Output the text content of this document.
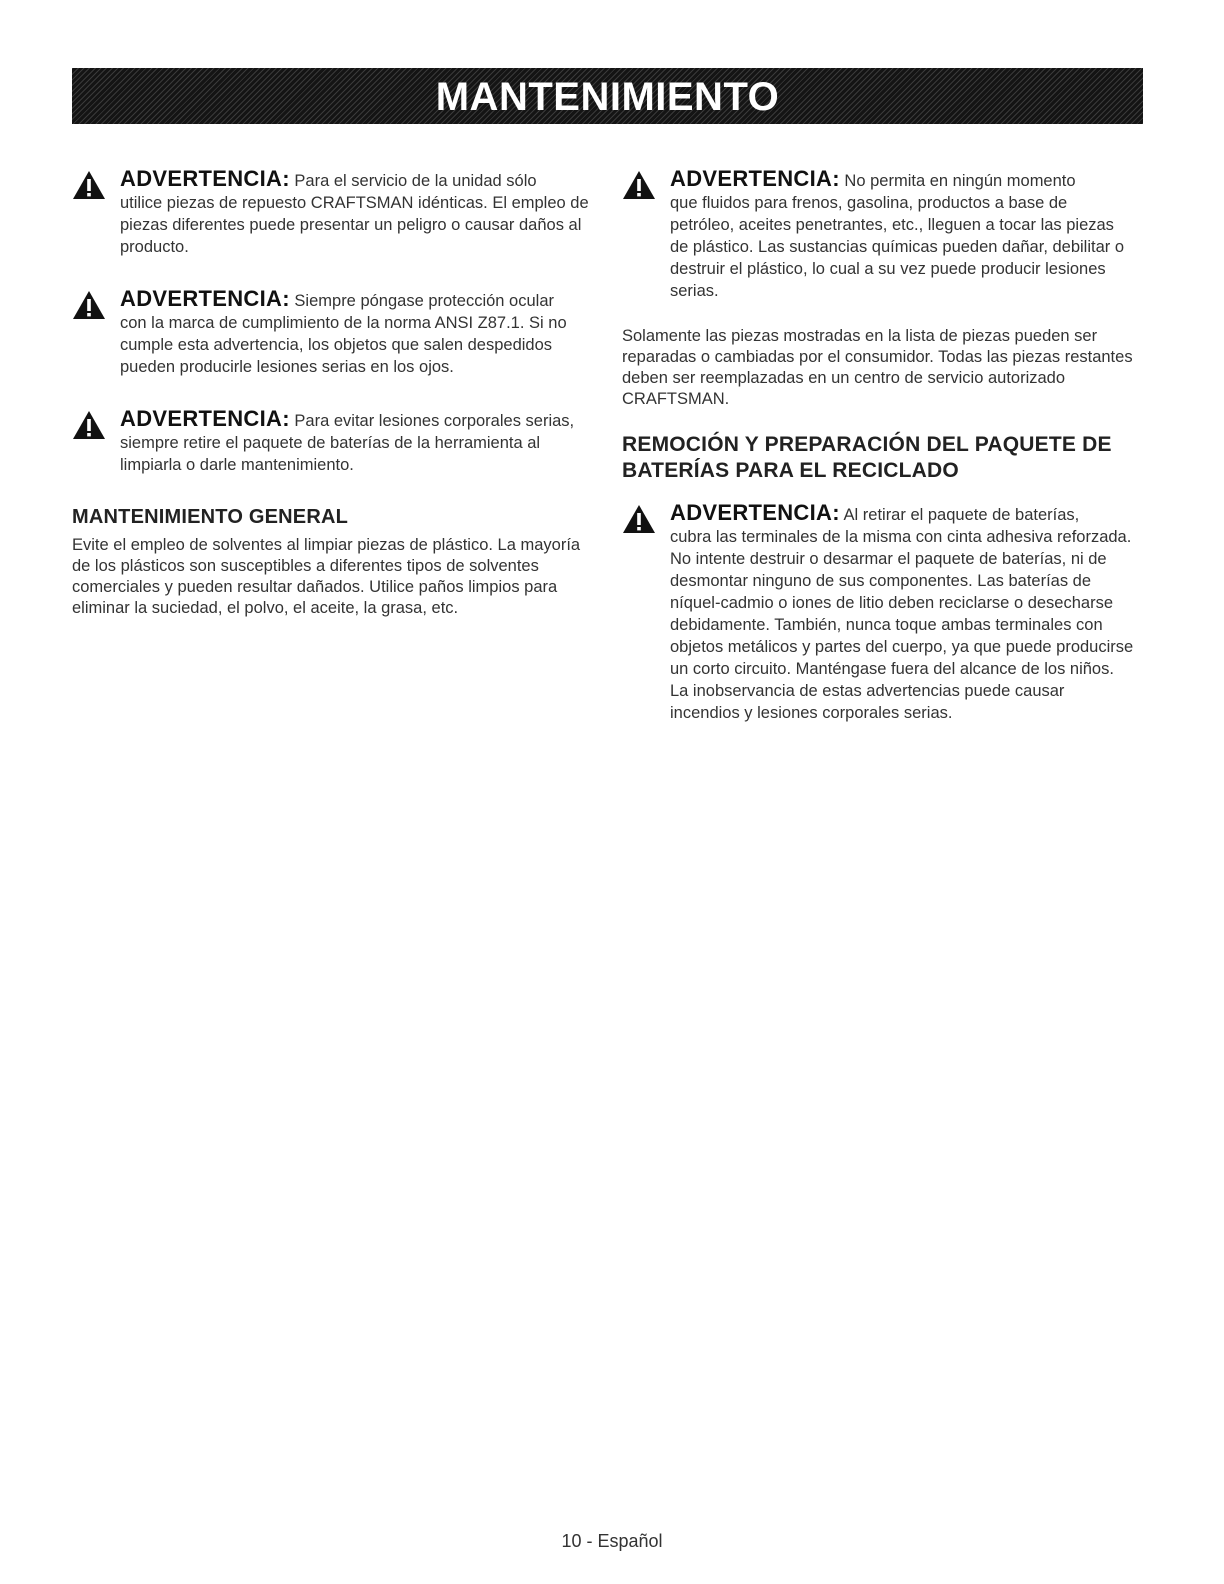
MANTENIMIENTO
ADVERTENCIA: Para el servicio de la unidad sólo

utilice piezas de repuesto CRAFTSMAN idénticas. El empleo de piezas diferentes puede presentar un peligro o causar daños al producto.

ADVERTENCIA: Siempre póngase protección ocular

con la marca de cumplimiento de la norma ANSI Z87.1. Si no cumple esta advertencia, los objetos que salen despedidos pueden producirle lesiones serias en los ojos.

ADVERTENCIA: Para evitar lesiones corporales serias,

siempre retire el paquete de baterías de la herramienta al limpiarla o darle mantenimiento.

MANTENIMIENTO GENERAL

Evite el empleo de solventes al limpiar piezas de plástico. La mayoría de los plásticos son susceptibles a diferentes tipos de solventes comerciales y pueden resultar dañados. Utilice paños limpios para eliminar la suciedad, el polvo, el aceite, la grasa, etc.

ADVERTENCIA: No permita en ningún momento

que fluidos para frenos, gasolina, productos a base de petróleo, aceites penetrantes, etc., lleguen a tocar las piezas de plástico. Las sustancias químicas pueden dañar, debilitar o destruir el plástico, lo cual a su vez puede producir lesiones serias.

Solamente las piezas mostradas en la lista de piezas pueden ser reparadas o cambiadas por el consumidor. Todas las piezas restantes deben ser reemplazadas en un centro de servicio autorizado CRAFTSMAN.

REMOCIÓN Y PREPARACIÓN DEL PAQUETE DE BATERÍAS PARA EL RECICLADO
ADVERTENCIA: Al retirar el paquete de baterías,

cubra las terminales de la misma con cinta adhesiva reforzada. No intente destruir o desarmar el paquete de baterías, ni de desmontar ninguno de sus componentes. Las baterías de níquel-cadmio o iones de litio deben reciclarse o desecharse debidamente. También, nunca toque ambas terminales con objetos metálicos y partes del cuerpo, ya que puede producirse un corto circuito. Manténgase fuera del alcance de los niños. La inobservancia de estas advertencias puede causar incendios y lesiones corporales serias.

10 - Español
